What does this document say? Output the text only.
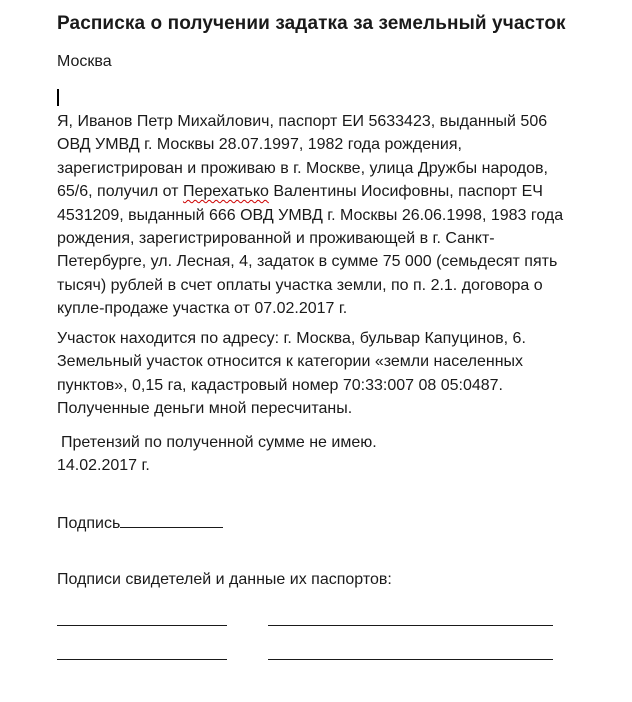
Расписка о получении задатка за земельный участок
Москва
Я, Иванов Петр Михайлович, паспорт ЕИ 5633423, выданный 506
ОВД УМВД г. Москвы 28.07.1997, 1982 года рождения,
зарегистрирован и проживаю в г. Москве, улица Дружбы народов,
65/6, получил от Перехатько Валентины Иосифовны, паспорт ЕЧ
4531209, выданный 666 ОВД УМВД г. Москвы 26.06.1998, 1983 года
рождения, зарегистрированной и проживающей в г. Санкт-
Петербурге, ул. Лесная, 4, задаток в сумме 75 000 (семьдесят пять
тысяч) рублей в счет оплаты участка земли, по п. 2.1. договора о
купле-продаже участка от 07.02.2017 г.
Участок находится по адресу: г. Москва, бульвар Капуцинов, 6.
Земельный участок относится к категории «земли населенных
пунктов», 0,15 га, кадастровый номер 70:33:007 08 05:0487.
Полученные деньги мной пересчитаны.
Претензий по полученной сумме не имею.
14.02.2017 г.
Подпись
Подписи свидетелей и данные их паспортов:
